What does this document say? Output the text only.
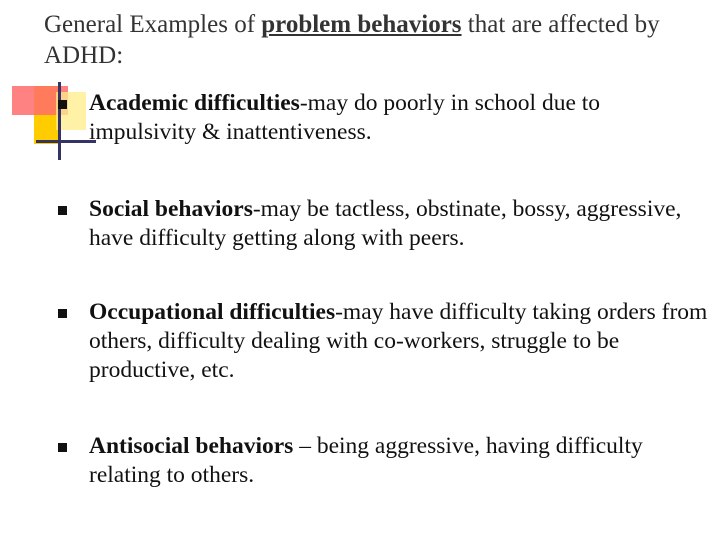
General Examples of problem behaviors that are affected by ADHD:
Academic difficulties-may do poorly in school due to impulsivity & inattentiveness.
Social behaviors-may be tactless, obstinate, bossy, aggressive, have difficulty getting along with peers.
Occupational difficulties-may have difficulty taking orders from others, difficulty dealing with co-workers, struggle to be productive, etc.
Antisocial behaviors – being aggressive, having difficulty relating to others.
